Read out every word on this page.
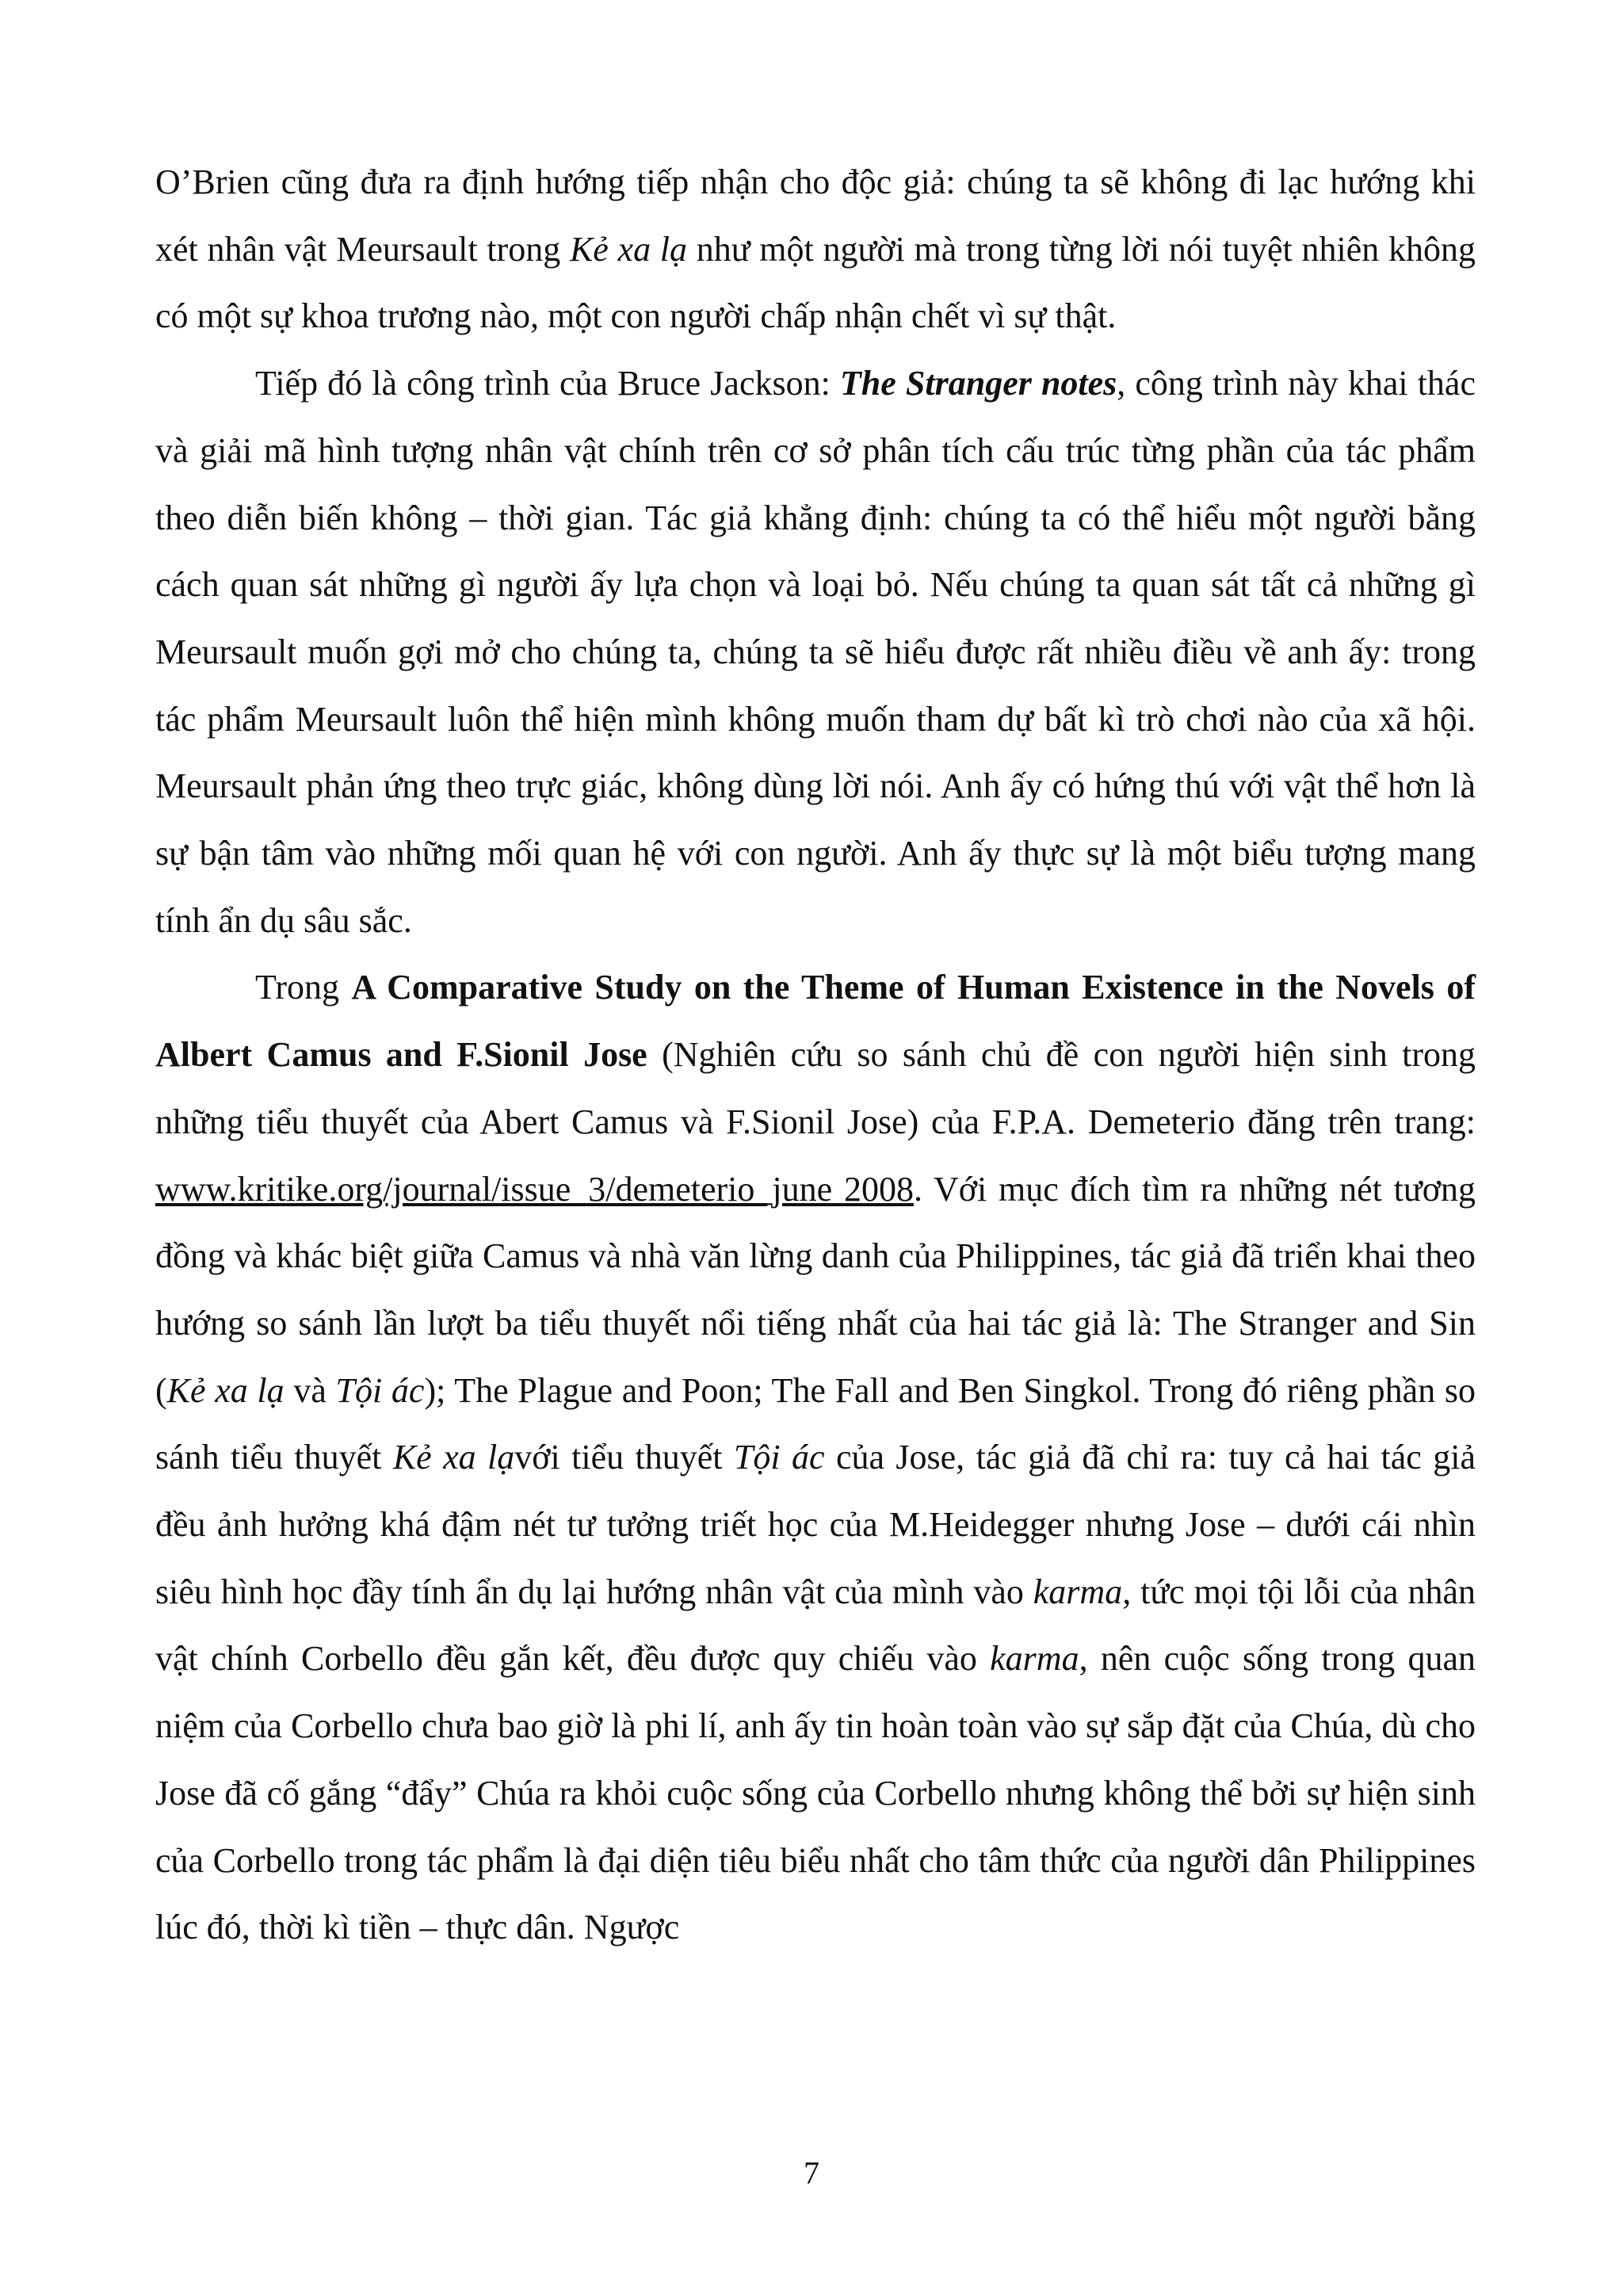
O’Brien cũng đưa ra định hướng tiếp nhận cho độc giả: chúng ta sẽ không đi lạc hướng khi xét nhân vật Meursault trong Kẻ xa lạ như một người mà trong từng lời nói tuyệt nhiên không có một sự khoa trương nào, một con người chấp nhận chết vì sự thật.

Tiếp đó là công trình của Bruce Jackson: The Stranger notes, công trình này khai thác và giải mã hình tượng nhân vật chính trên cơ sở phân tích cấu trúc từng phần của tác phẩm theo diễn biến không – thời gian. Tác giả khẳng định: chúng ta có thể hiểu một người bằng cách quan sát những gì người ấy lựa chọn và loại bỏ. Nếu chúng ta quan sát tất cả những gì Meursault muốn gợi mở cho chúng ta, chúng ta sẽ hiểu được rất nhiều điều về anh ấy: trong tác phẩm Meursault luôn thể hiện mình không muốn tham dự bất kì trò chơi nào của xã hội. Meursault phản ứng theo trực giác, không dùng lời nói. Anh ấy có hứng thú với vật thể hơn là sự bận tâm vào những mối quan hệ với con người. Anh ấy thực sự là một biểu tượng mang tính ẩn dụ sâu sắc.

Trong A Comparative Study on the Theme of Human Existence in the Novels of Albert Camus and F.Sionil Jose (Nghiên cứu so sánh chủ đề con người hiện sinh trong những tiểu thuyết của Abert Camus và F.Sionil Jose) của F.P.A. Demeterio đăng trên trang: www.kritike.org/journal/issue_3/demeterio_june 2008. Với mục đích tìm ra những nét tương đồng và khác biệt giữa Camus và nhà văn lừng danh của Philippines, tác giả đã triển khai theo hướng so sánh lần lượt ba tiểu thuyết nổi tiếng nhất của hai tác giả là: The Stranger and Sin (Kẻ xa lạ và Tội ác); The Plague and Poon; The Fall and Ben Singkol. Trong đó riêng phần so sánh tiểu thuyết Kẻ xa lạvới tiểu thuyết Tội ác của Jose, tác giả đã chỉ ra: tuy cả hai tác giả đều ảnh hưởng khá đậm nét tư tưởng triết học của M.Heidegger nhưng Jose – dưới cái nhìn siêu hình học đầy tính ẩn dụ lại hướng nhân vật của mình vào karma, tức mọi tội lỗi của nhân vật chính Corbello đều gắn kết, đều được quy chiếu vào karma, nên cuộc sống trong quan niệm của Corbello chưa bao giờ là phi lí, anh ấy tin hoàn toàn vào sự sắp đặt của Chúa, dù cho Jose đã cố gắng “đẩy” Chúa ra khỏi cuộc sống của Corbello nhưng không thể bởi sự hiện sinh của Corbello trong tác phẩm là đại diện tiêu biểu nhất cho tâm thức của người dân Philippines lúc đó, thời kì tiền – thực dân. Ngược

7
